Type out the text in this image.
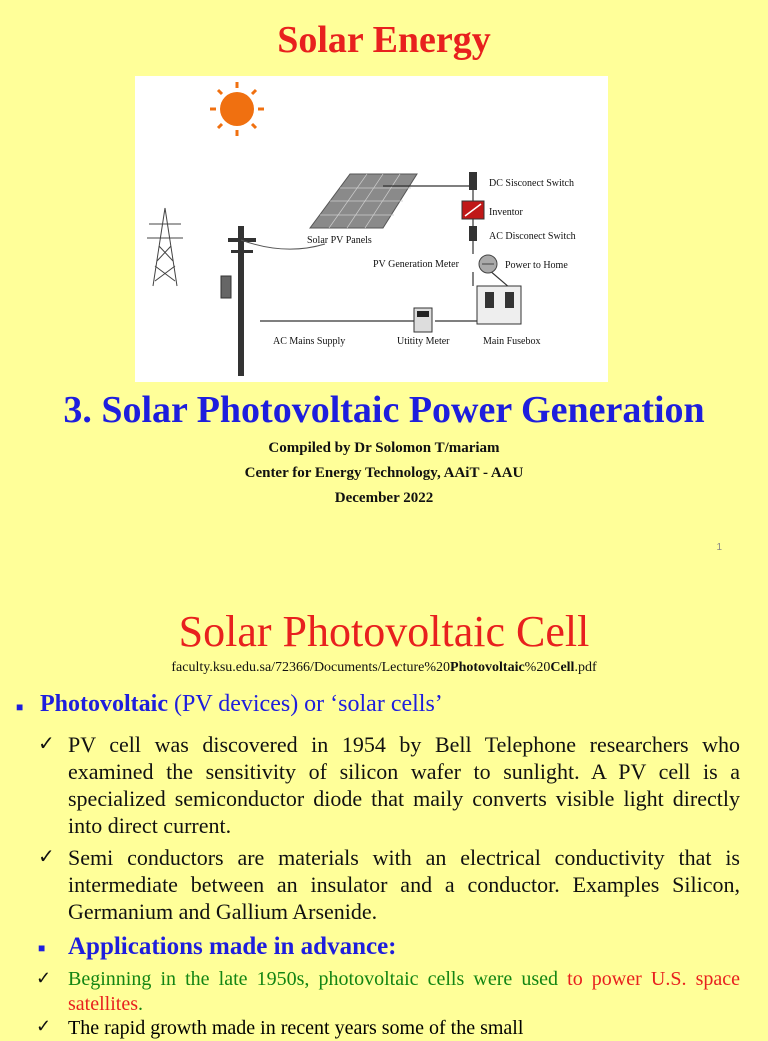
Solar Energy
DC Sisconect Switch
Inventor
AC Disconect Switch
Solar PV Panels
PV Generation Meter	Power to Home
AC Mains Supply	Utitity Meter	Main Fusebox
3. Solar Photovoltaic Power Generation
Compiled by Dr Solomon T/mariam
Center for Energy Technology, AAiT - AAU
December 2022
1
Solar Photovoltaic Cell
faculty.ksu.edu.sa/72366/Documents/Lecture%20Photovoltaic%20Cell.pdf
■ Photovoltaic (PV devices) or ‘solar cells’
✓ PV cell was discovered in 1954 by Bell Telephone researchers who examined the sensitivity of silicon wafer to sunlight. A PV cell is a specialized semiconductor diode that maily converts visible light directly into direct current.
✓ Semi conductors are materials with an electrical conductivity that is intermediate between an insulator and a conductor. Examples Silicon, Germanium and Gallium Arsenide.
■ Applications made in advance:
✓ Beginning in the late 1950s, photovoltaic cells were used to power U.S. space satellites.
✓ The rapid growth made in recent years some of the small
